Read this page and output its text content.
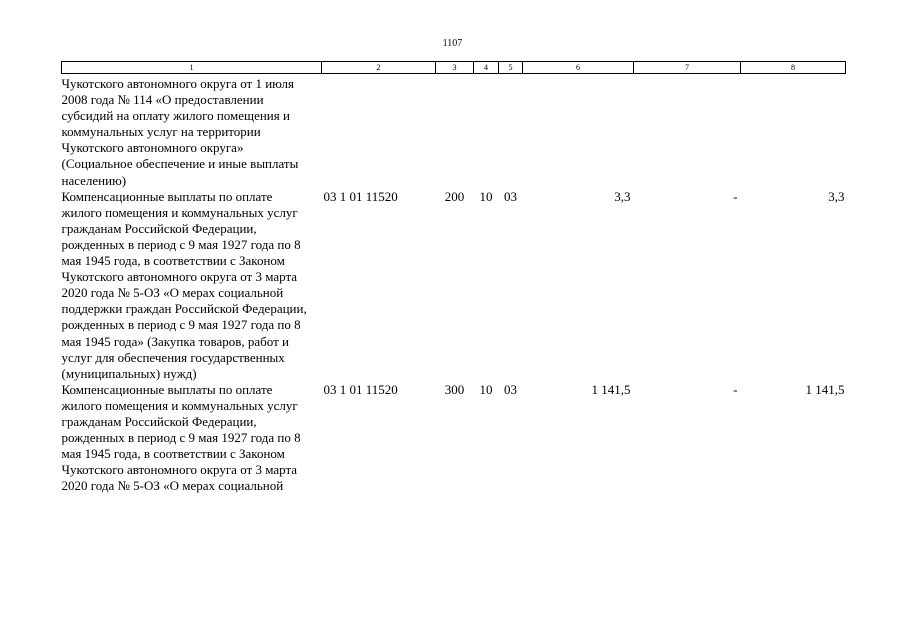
1107
1	2	3	4	5	6	7	8
Чукотского автономного округа от 1 июля 2008 года № 114 «О предоставлении субсидий на оплату жилого помещения и коммунальных услуг на территории Чукотского автономного округа» (Социальное обеспечение и иные выплаты населению)							
Компенсационные выплаты по оплате жилого помещения и коммунальных услуг гражданам Российской Федерации, рожденных в период с 9 мая 1927 года по 8 мая 1945 года, в соответствии с Законом Чукотского автономного округа от 3 марта 2020 года № 5-ОЗ «О мерах социальной поддержки граждан Российской Федерации, рожденных в период с 9 мая 1927 года по 8 мая 1945 года» (Закупка товаров, работ и услуг для обеспечения государственных (муниципальных) нужд)	03 1 01 11520	200	10	03	3,3	-	3,3
Компенсационные выплаты по оплате жилого помещения и коммунальных услуг гражданам Российской Федерации, рожденных в период с 9 мая 1927 года по 8 мая 1945 года, в соответствии с Законом Чукотского автономного округа от 3 марта 2020 года № 5-ОЗ «О мерах социальной	03 1 01 11520	300	10	03	1 141,5	-	1 141,5
